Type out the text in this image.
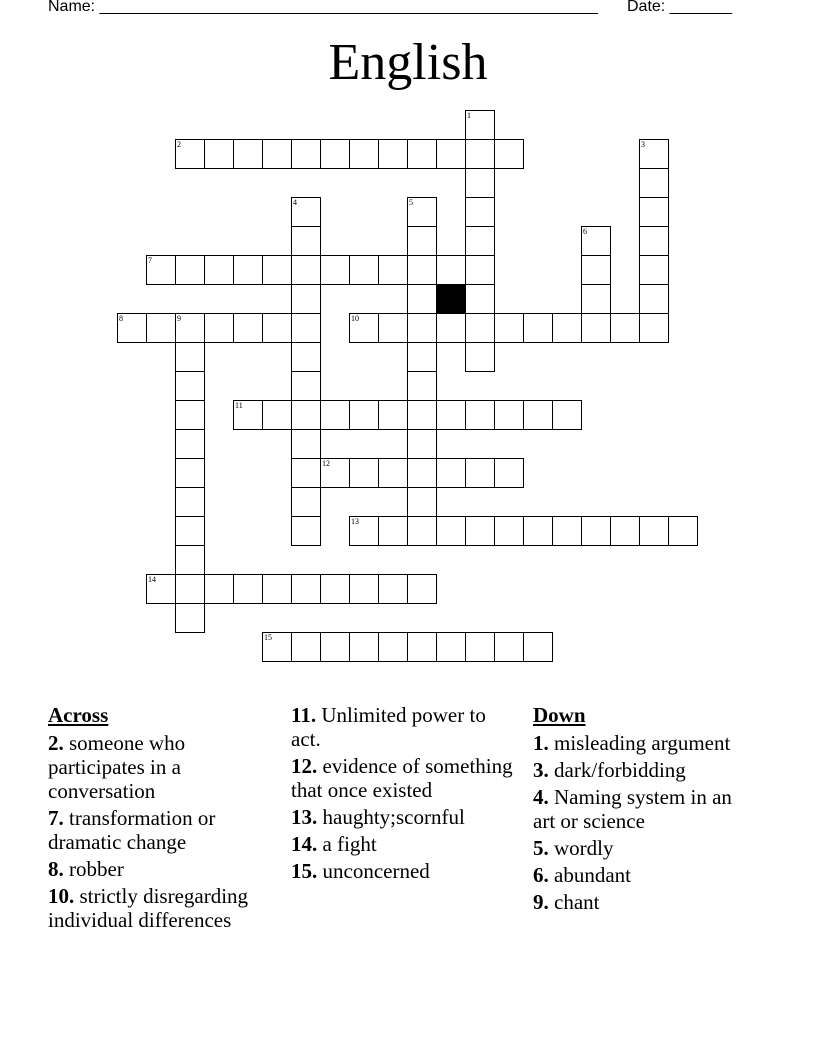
Name: ________________________________________________________ Date: _______
English
1
2	3
4	5
6
7
8	9	10
11
12
13
14
15
Across
2. someone who participates in a conversation
7. transformation or dramatic change
8. robber
10. strictly disregarding individual differences
11. Unlimited power to act.
12. evidence of something that once existed
13. haughty;scornful
14. a fight
15. unconcerned
Down
1. misleading argument
3. dark/forbidding
4. Naming system in an art or science
5. wordly
6. abundant
9. chant
